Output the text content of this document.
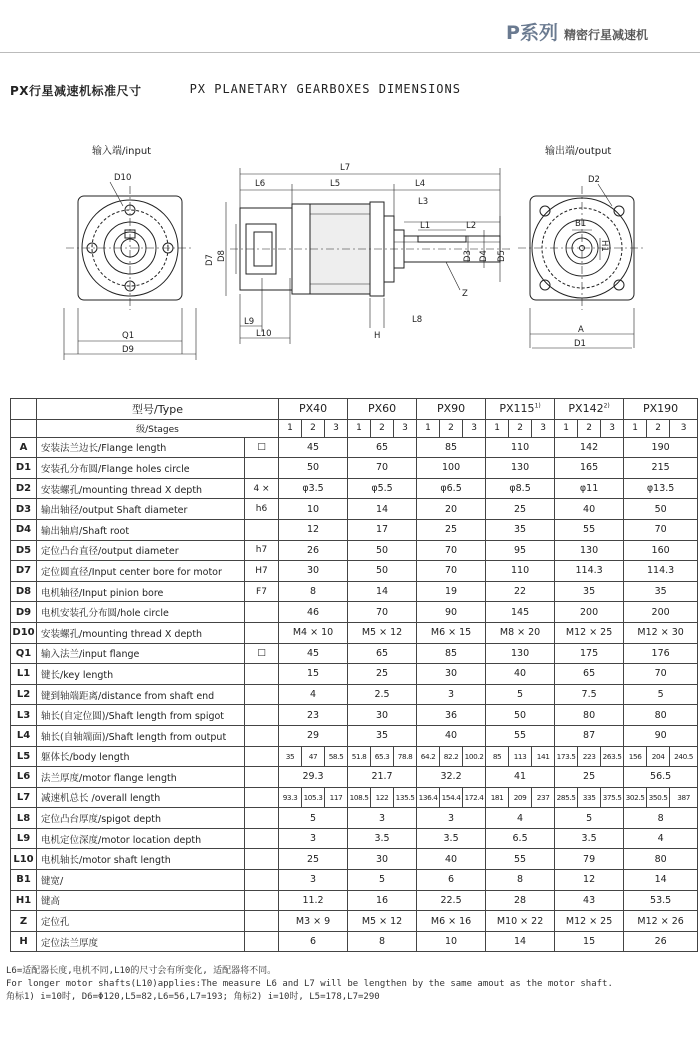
P系列 精密行星减速机
PX行星减速机标准尺寸	PX PLANETARY GEARBOXES DIMENSIONS
输入端/input	输出端/output
D10
Q1
D9
L7
L6	L5	L4
L3
L1	L2
D7 D8	D3 D4 D5
Z
L8
L9
L10	H
D2
B1
H1
A
D1
	型号/Type		PX40			PX60			PX90			PX115$^{1)}$			PX142$^{2)}$			PX190		
	级/Stages		1	2	3	1	2	3	1	2	3	1	2	3	1	2	3	1	2	3
A	安装法兰边长/Flange length	□	45			65			85			110			142			190		
D1	安装孔分布圆/Flange holes circle		50			70			100			130			165			215		
D2	安装螺孔/mounting thread X depth	4 ×	φ3.5			φ5.5			φ6.5			φ8.5			φ11			φ13.5		
D3	输出轴径/output Shaft diameter	h6	10			14			20			25			40			50		
D4	输出轴肩/Shaft root		12			17			25			35			55			70		
D5	定位凸台直径/output diameter	h7	26			50			70			95			130			160		
D7	定位圆直径/Input center bore for motor	H7	30			50			70			110			114.3			114.3		
D8	电机轴径/Input pinion bore	F7	8			14			19			22			35			35		
D9	电机安装孔分布圆/hole circle		46			70			90			145			200			200		
D10	安装螺孔/mounting thread X depth		M4 × 10			M5 × 12			M6 × 15			M8 × 20			M12 × 25			M12 × 30		
Q1	输入法兰/input flange	□	45			65			85			130			175			176		
L1	键长/key length		15			25			30			40			65			70		
L2	键到轴端距离/distance from shaft end		4			2.5			3			5			7.5			5		
L3	轴长(自定位圆)/Shaft length from spigot		23			30			36			50			80			80		
L4	轴长(自轴端面)/Shaft length from output		29			35			40			55			87			90		
L5	躯体长/body length		35	47	58.5	51.8	65.3	78.8	64.2	82.2	100.2	85	113	141	173.5	223	263.5	156	204	240.5
L6	法兰厚度/motor flange length		29.3			21.7			32.2			41			25			56.5		
L7	减速机总长 /overall length		93.3	105.3	117	108.5	122	135.5	136.4	154.4	172.4	181	209	237	285.5	335	375.5	302.5	350.5	387
L8	定位凸台厚度/spigot depth		5			3			3			4			5			8		
L9	电机定位深度/motor location depth		3			3.5			3.5			6.5			3.5			4		
L10	电机轴长/motor shaft length		25			30			40			55			79			80		
B1	键宽/		3			5			6			8			12			14		
H1	键高		11.2			16			22.5			28			43			53.5		
Z	定位孔		M3 × 9			M5 × 12			M6 × 16			M10 × 22			M12 × 25			M12 × 26		
H	定位法兰厚度		6			8			10			14			15			26		
L6=适配器长度,电机不同,L10的尺寸会有所变化, 适配器将不同。
For longer motor shafts(L10)applies:The measure L6 and L7 will be lengthen by the same amout as the motor shaft.
角标1) i=10时, D6=Φ120,L5=82,L6=56,L7=193; 角标2) i=10时, L5=178,L7=290
